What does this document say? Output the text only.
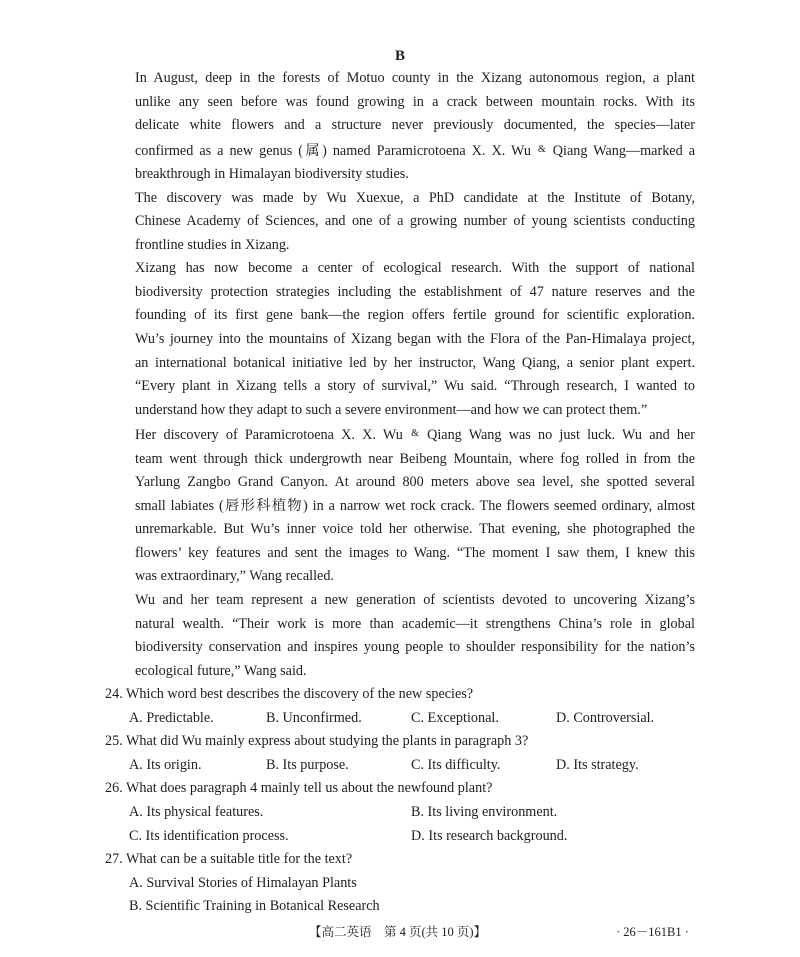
B

In August, deep in the forests of Motuo county in the Xizang autonomous region, a plant
unlike any seen before was found growing in a crack between mountain rocks. With its
delicate white flowers and a structure never previously documented, the species—later
confirmed as a new genus (属) named Paramicrotoena X. X. Wu & Qiang Wang—marked a
breakthrough in Himalayan biodiversity studies.

The discovery was made by Wu Xuexue, a PhD candidate at the Institute of Botany,
Chinese Academy of Sciences, and one of a growing number of young scientists conducting
frontline studies in Xizang.

Xizang has now become a center of ecological research. With the support of national
biodiversity protection strategies including the establishment of 47 nature reserves and the
founding of its first gene bank—the region offers fertile ground for scientific exploration.
Wu’s journey into the mountains of Xizang began with the Flora of the Pan-Himalaya project,
an international botanical initiative led by her instructor, Wang Qiang, a senior plant expert.
“Every plant in Xizang tells a story of survival,” Wu said. “Through research, I wanted to
understand how they adapt to such a severe environment—and how we can protect them.”

Her discovery of Paramicrotoena X. X. Wu & Qiang Wang was no just luck. Wu and her
team went through thick undergrowth near Beibeng Mountain, where fog rolled in from the
Yarlung Zangbo Grand Canyon. At around 800 meters above sea level, she spotted several
small labiates (唇形科植物) in a narrow wet rock crack. The flowers seemed ordinary, almost
unremarkable. But Wu’s inner voice told her otherwise. That evening, she photographed the
flowers’ key features and sent the images to Wang. “The moment I saw them, I knew this
was extraordinary,” Wang recalled.

Wu and her team represent a new generation of scientists devoted to uncovering Xizang’s
natural wealth. “Their work is more than academic—it strengthens China’s role in global
biodiversity conservation and inspires young people to shoulder responsibility for the nation’s
ecological future,” Wang said.

24. Which word best describes the discovery of the new species?
A. Predictable.	B. Unconfirmed.	C. Exceptional.	D. Controversial.
25. What did Wu mainly express about studying the plants in paragraph 3?
A. Its origin.	B. Its purpose.	C. Its difficulty.	D. Its strategy.
26. What does paragraph 4 mainly tell us about the newfound plant?
A. Its physical features.	B. Its living environment.
C. Its identification process.	D. Its research background.
27. What can be a suitable title for the text?
A. Survival Stories of Himalayan Plants
B. Scientific Training in Botanical Research
【高二英语　第 4 页(共 10 页)】	· 26－161B1 ·
